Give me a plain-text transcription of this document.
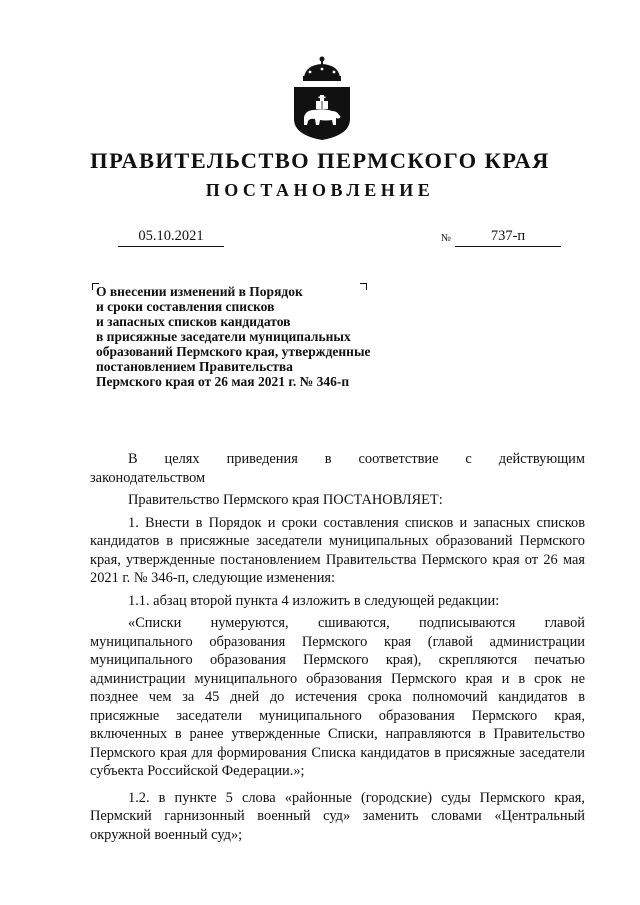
ПРАВИТЕЛЬСТВО ПЕРМСКОГО КРАЯ
ПОСТАНОВЛЕНИЕ
05.10.2021	№	737-п
О внесении изменений в Порядок
и сроки составления списков
и запасных списков кандидатов
в присяжные заседатели муниципальных
образований Пермского края, утвержденные
постановлением Правительства
Пермского края от 26 мая 2021 г. № 346-п

В целях приведения в соответствие с действующим
законодательством

Правительство Пермского края ПОСТАНОВЛЯЕТ:

1. Внести в Порядок и сроки составления списков и запасных списков кандидатов в присяжные заседатели муниципальных образований Пермского края, утвержденные постановлением Правительства Пермского края от 26 мая 2021 г. № 346-п, следующие изменения:

1.1. абзац второй пункта 4 изложить в следующей редакции:

«Списки нумеруются, сшиваются, подписываются главой муниципального образования Пермского края (главой администрации муниципального образования Пермского края), скрепляются печатью администрации муниципального образования Пермского края и в срок не позднее чем за 45 дней до истечения срока полномочий кандидатов в присяжные заседатели муниципального образования Пермского края, включенных в ранее утвержденные Списки, направляются в Правительство Пермского края для формирования Списка кандидатов в присяжные заседатели субъекта Российской Федерации.»;

1.2. в пункте 5 слова «районные (городские) суды Пермского края, Пермский гарнизонный военный суд» заменить словами «Центральный окружной военный суд»;
